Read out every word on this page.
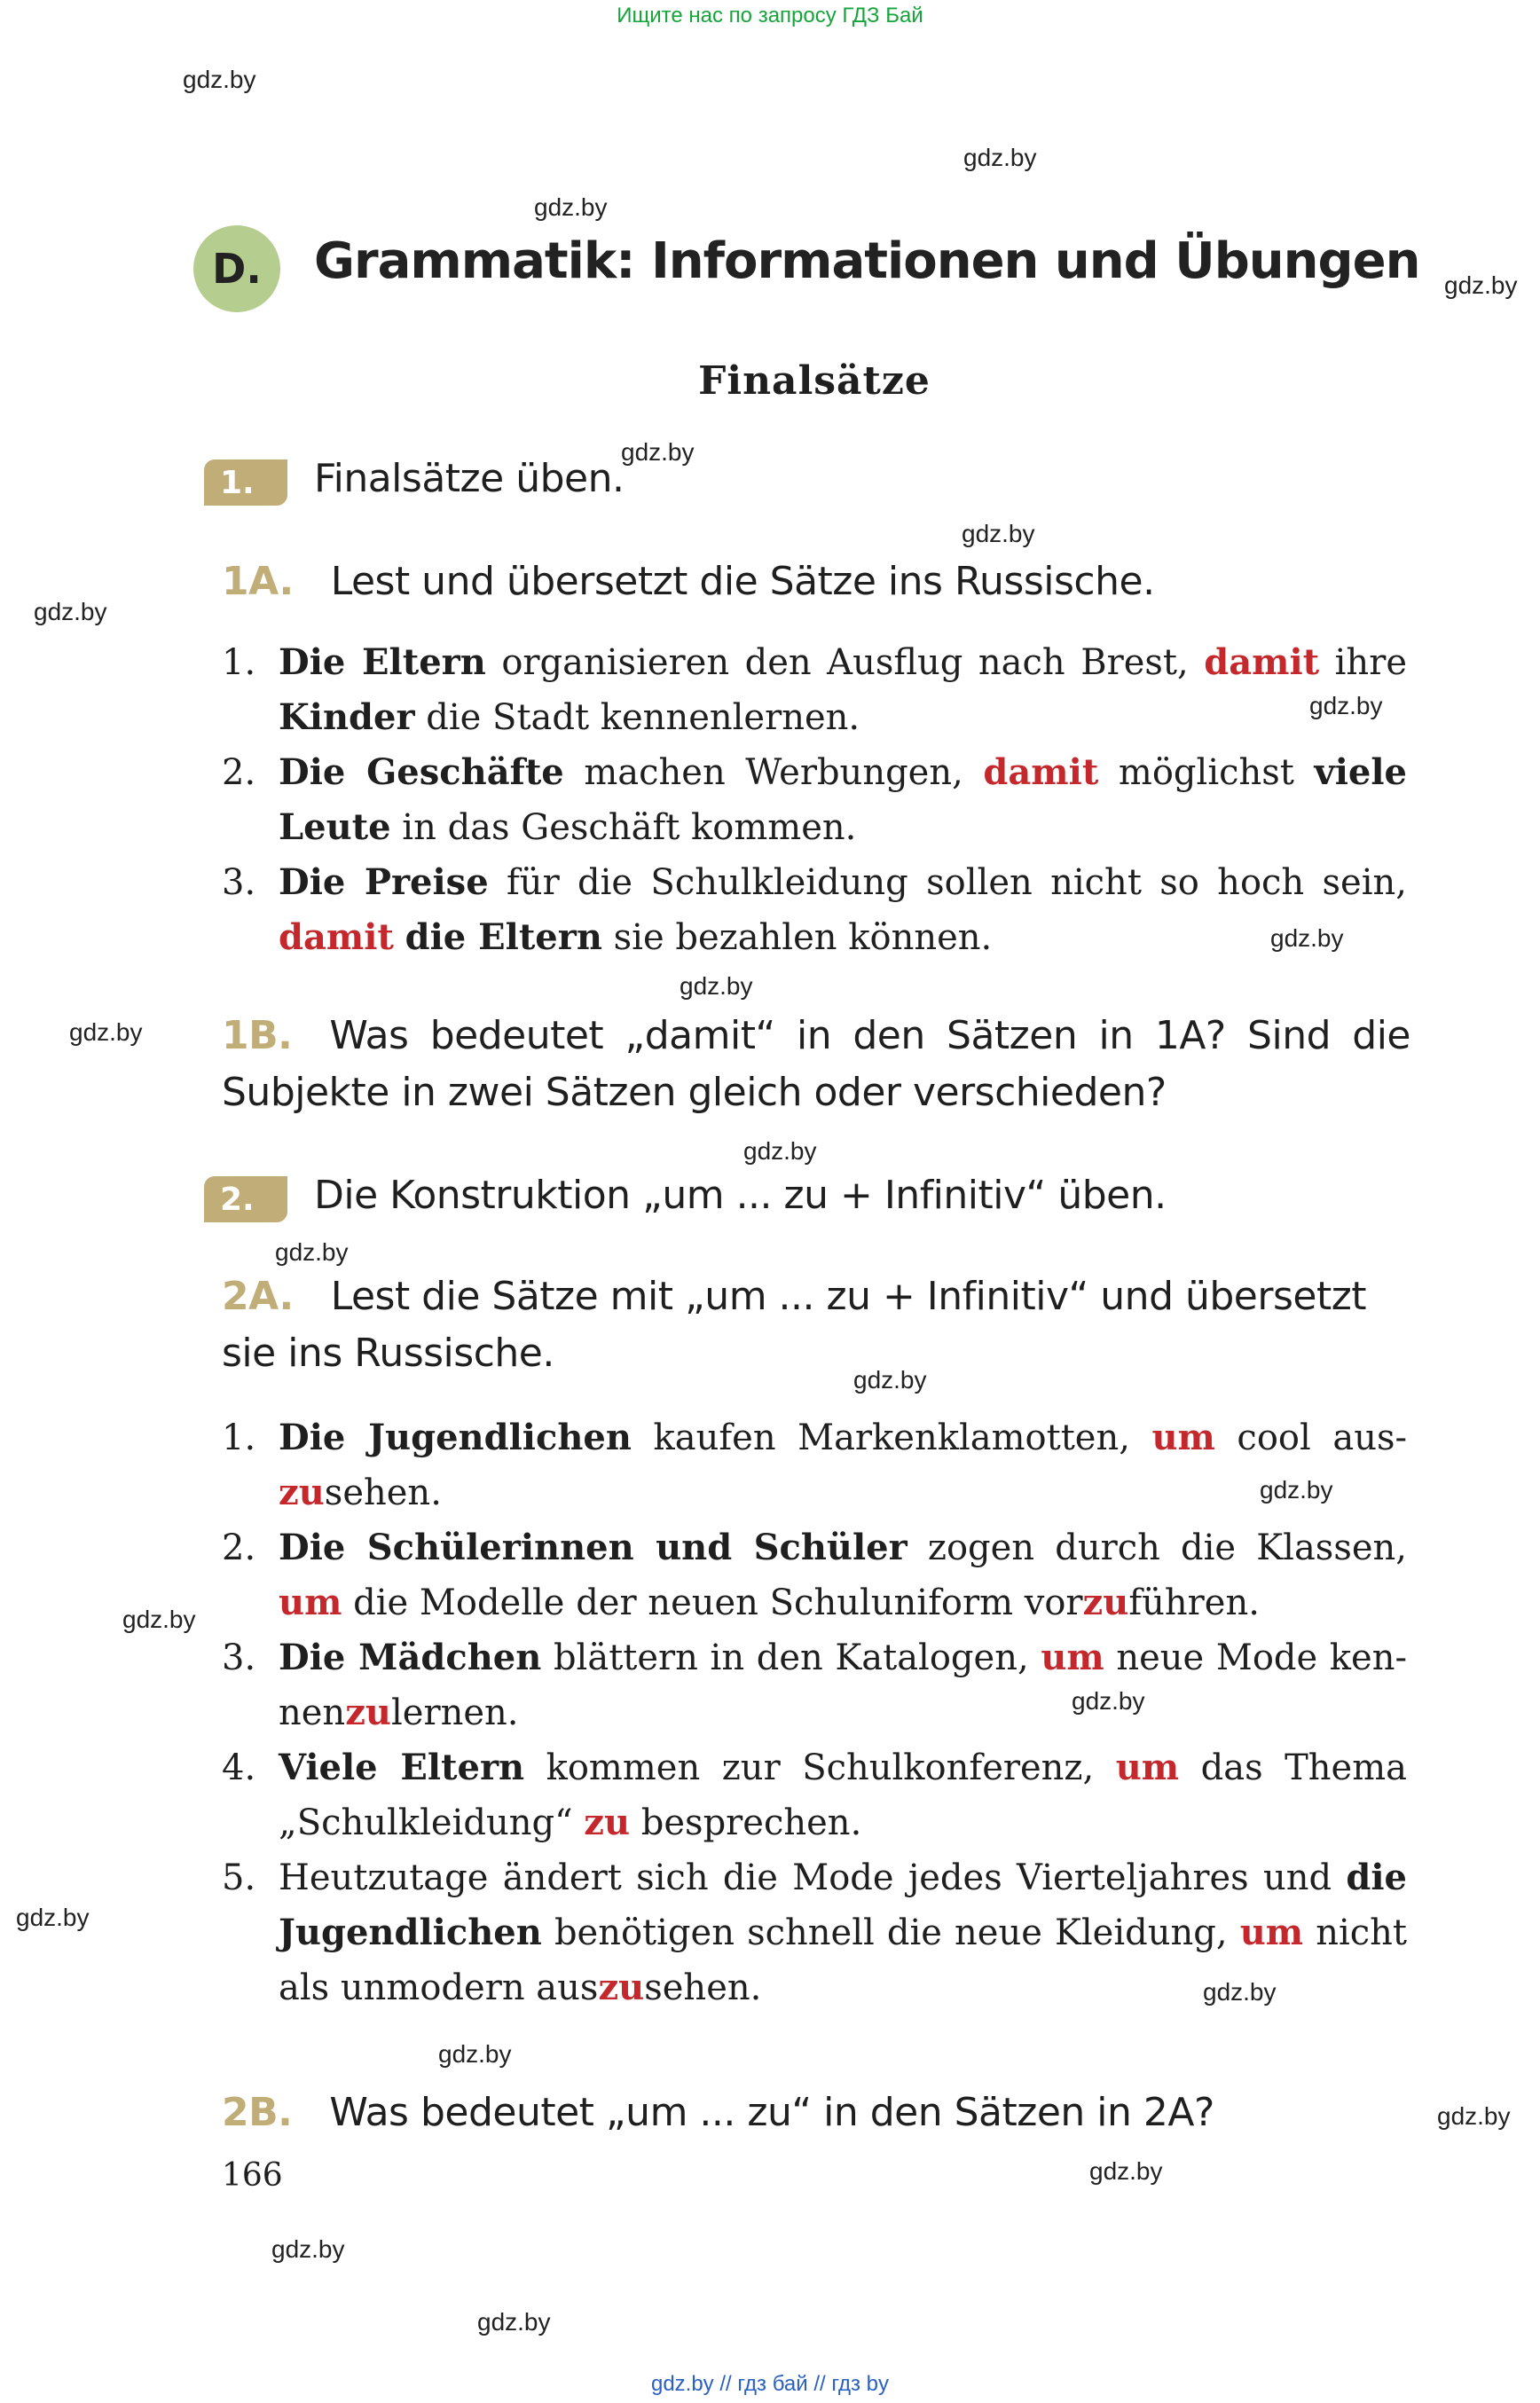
Ищите нас по запросу ГДЗ Бай
gdz.by
gdz.by
gdz.by
gdz.by
gdz.by
gdz.by
gdz.by
gdz.by
gdz.by
gdz.by
gdz.by
gdz.by
gdz.by
gdz.by
gdz.by
gdz.by
gdz.by
gdz.by
gdz.by
gdz.by
gdz.by
gdz.by
gdz.by
gdz.by
D.	Grammatik: Informationen und Übungen
Finalsätze
1.	Finalsätze üben.
1A. Lest und übersetzt die Sätze ins Russische.
1. Die Eltern organisieren den Ausflug nach Brest, damit ihre Kinder die Stadt kennenlernen.
2. Die Geschäfte machen Werbungen, damit möglichst viele Leute in das Geschäft kommen.
3. Die Preise für die Schulkleidung sollen nicht so hoch sein, damit die Eltern sie bezahlen können.
1B. Was bedeutet „damit“ in den Sätzen in 1A? Sind die Subjekte in zwei Sätzen gleich oder verschieden?
2.	Die Konstruktion „um ... zu + Infinitiv“ üben.
2A. Lest die Sätze mit „um ... zu + Infinitiv“ und übersetzt sie ins Russische.
1. Die Jugendlichen kaufen Markenklamotten, um cool auszusehen.
2. Die Schülerinnen und Schüler zogen durch die Klassen, um die Modelle der neuen Schuluniform vorzuführen.
3. Die Mädchen blättern in den Katalogen, um neue Mode kennenzulernen.
4. Viele Eltern kommen zur Schulkonferenz, um das Thema „Schulkleidung“ zu besprechen.
5. Heutzutage ändert sich die Mode jedes Vierteljahres und die Jugendlichen benötigen schnell die neue Kleidung, um nicht als unmodern auszusehen.
2B. Was bedeutet „um ... zu“ in den Sätzen in 2A?
166
gdz.by // гдз бай // гдз by
